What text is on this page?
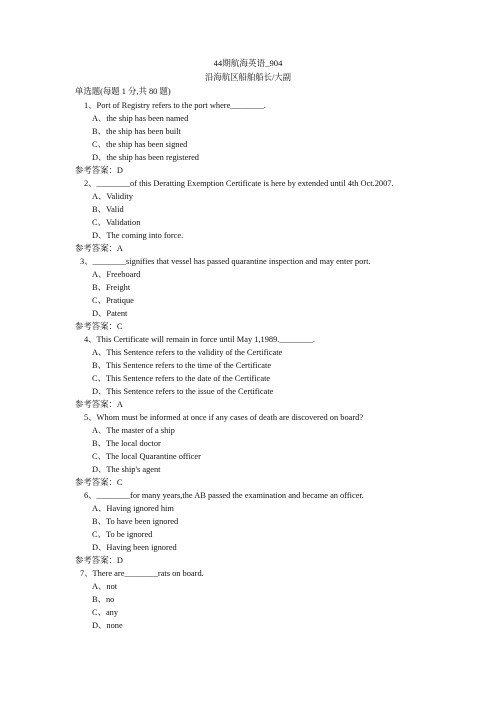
44期航海英语_904
沿海航区船舶船长/大副
单选题(每题 1 分,共 80 题)
1、Port of Registry refers to the port where________.
A、the ship has been named
B、the ship has been built
C、the ship has been signed
D、the ship has been registered
参考答案：D
2、________of this Deratting Exemption Certificate is here by extended until 4th Oct.2007.
A、Validity
B、Valid
C、Validation
D、The coming into force.
参考答案：A
3、________signifies that vessel has passed quarantine inspection and may enter port.
A、Freeboard
B、Freight
C、Pratique
D、Patent
参考答案：C
4、This Certificate will remain in force until May 1,1989.________.
A、This Sentence refers to the validity of the Certificate
B、This Sentence refers to the time of the Certificate
C、This Sentence refers to the date of the Certificate
D、This Sentence refers to the issue of the Certificate
参考答案：A
5、Whom must be informed at once if any cases of death are discovered on board?
A、The master of a ship
B、The local doctor
C、The local Quarantine officer
D、The ship's agent
参考答案：C
6、________for many years,the AB passed the examination and became an officer.
A、Having ignored him
B、To have been ignored
C、To be ignored
D、Having been ignored
参考答案：D
7、There are________rats on board.
A、not
B、no
C、any
D、none
